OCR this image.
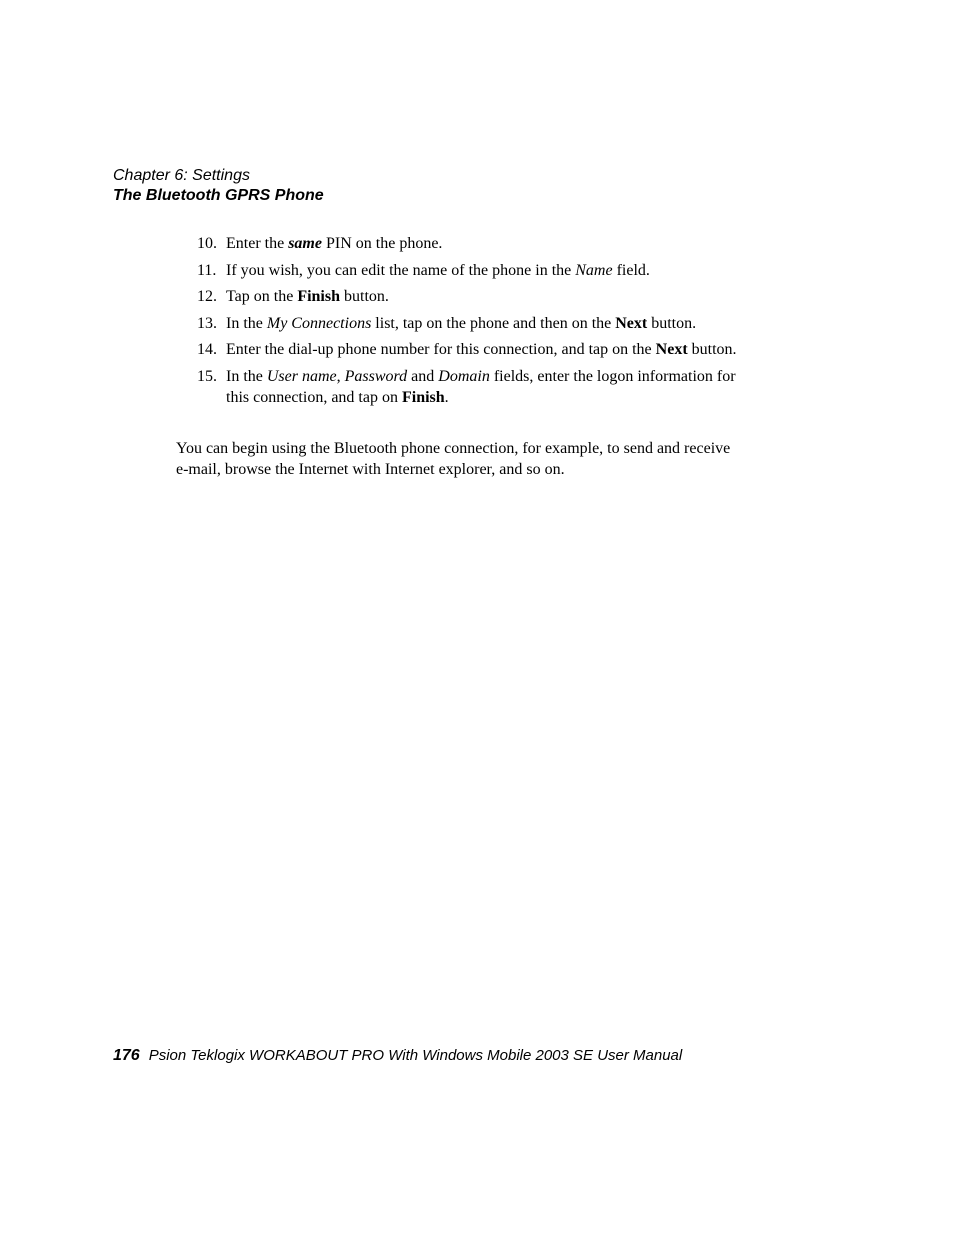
Chapter 6: Settings
The Bluetooth GPRS Phone
10. Enter the same PIN on the phone.
11. If you wish, you can edit the name of the phone in the Name field.
12. Tap on the Finish button.
13. In the My Connections list, tap on the phone and then on the Next button.
14. Enter the dial-up phone number for this connection, and tap on the Next button.
15. In the User name, Password and Domain fields, enter the logon information for this connection, and tap on Finish.

You can begin using the Bluetooth phone connection, for example, to send and receive e-mail, browse the Internet with Internet explorer, and so on.

176 Psion Teklogix WORKABOUT PRO With Windows Mobile 2003 SE User Manual
